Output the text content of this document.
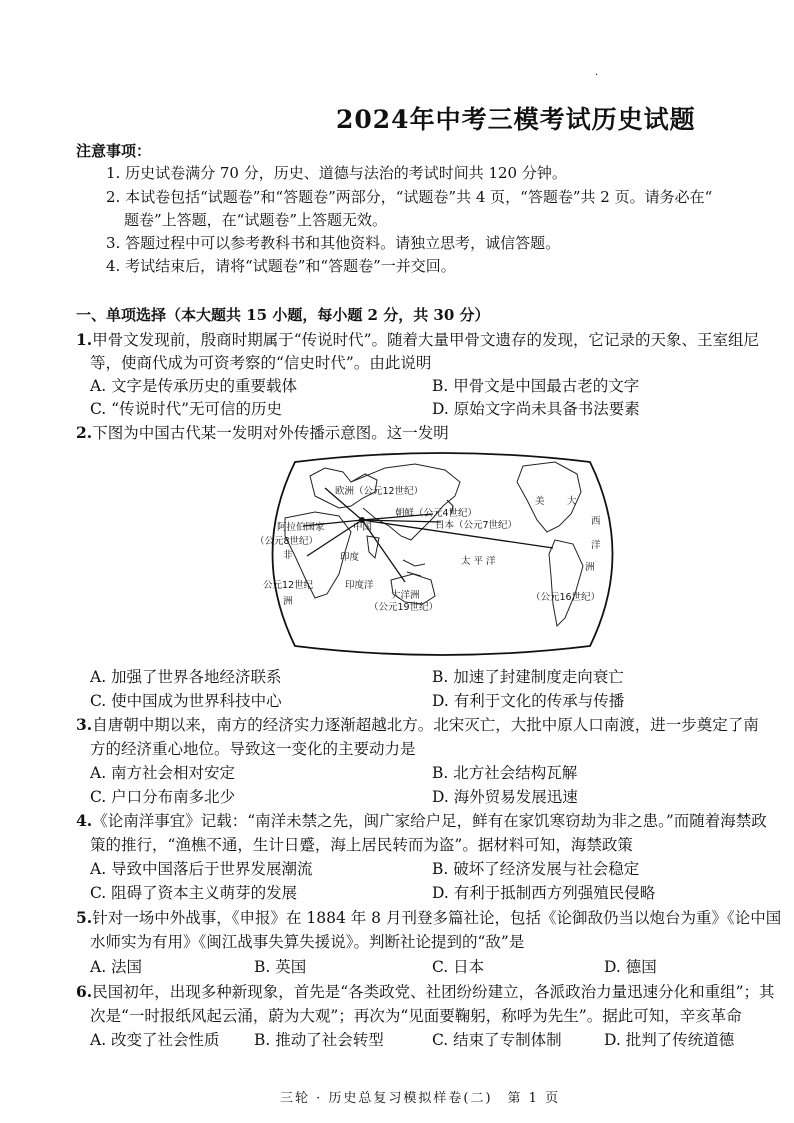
·
2024年中考三模考试历史试题
注意事项：
1. 历史试卷满分 70 分，历史、道德与法治的考试时间共 120 分钟。
2. 本试卷包括“试题卷”和“答题卷”两部分，“试题卷”共 4 页，“答题卷”共 2 页。请务必在“
题卷”上答题，在“试题卷”上答题无效。
3. 答题过程中可以参考教科书和其他资料。请独立思考，诚信答题。
4. 考试结束后，请将“试题卷”和“答题卷”一并交回。
一、单项选择（本大题共 15 小题，每小题 2 分，共 30 分）
1.甲骨文发现前，殷商时期属于“传说时代”。随着大量甲骨文遗存的发现，它记录的天象、王室组尼
等，使商代成为可资考察的“信史时代”。由此说明
A. 文字是传承历史的重要载体	B. 甲骨文是中国最古老的文字
C. “传说时代”无可信的历史	D. 原始文字尚未具备书法要素
2.下图为中国古代某一发明对外传播示意图。这一发明
欧洲（公元12世纪）
朝鲜（公元4世纪）
日本（公元7世纪）
中国
阿拉伯国家
（公元8世纪）
非	印度
印度洋
公元12世纪
洲
大洋洲
（公元19世纪）
太 平 洋
美 大
西
洋
洲
（公元16世纪）
A. 加强了世界各地经济联系	B. 加速了封建制度走向衰亡
C. 使中国成为世界科技中心	D. 有利于文化的传承与传播
3.自唐朝中期以来，南方的经济实力逐渐超越北方。北宋灭亡，大批中原人口南渡，进一步奠定了南
方的经济重心地位。导致这一变化的主要动力是
A. 南方社会相对安定	B. 北方社会结构瓦解
C. 户口分布南多北少	D. 海外贸易发展迅速
4.《论南洋事宜》记载：“南洋未禁之先，闽广家给户足，鲜有在家饥寒窃劫为非之患。”而随着海禁政
策的推行，“渔樵不通，生计日蹙，海上居民转而为盗”。据材料可知，海禁政策
A. 导致中国落后于世界发展潮流	B. 破坏了经济发展与社会稳定
C. 阻碍了资本主义萌芽的发展	D. 有利于抵制西方列强殖民侵略
5.针对一场中外战事，《申报》在 1884 年 8 月刊登多篇社论，包括《论御敌仍当以炮台为重》《论中国
水师实为有用》《闽江战事失算失援说》。判断社论提到的“敌”是
A. 法国	B. 英国	C. 日本	D. 德国
6.民国初年，出现多种新现象，首先是“各类政党、社团纷纷建立，各派政治力量迅速分化和重组”；其
次是“一时报纸风起云涌，蔚为大观”；再次为“见面要鞠躬，称呼为先生”。据此可知，辛亥革命
A. 改变了社会性质 B. 推动了社会转型	C. 结束了专制体制	D. 批判了传统道德
三轮 · 历史总复习模拟样卷(二)　第 1 页
